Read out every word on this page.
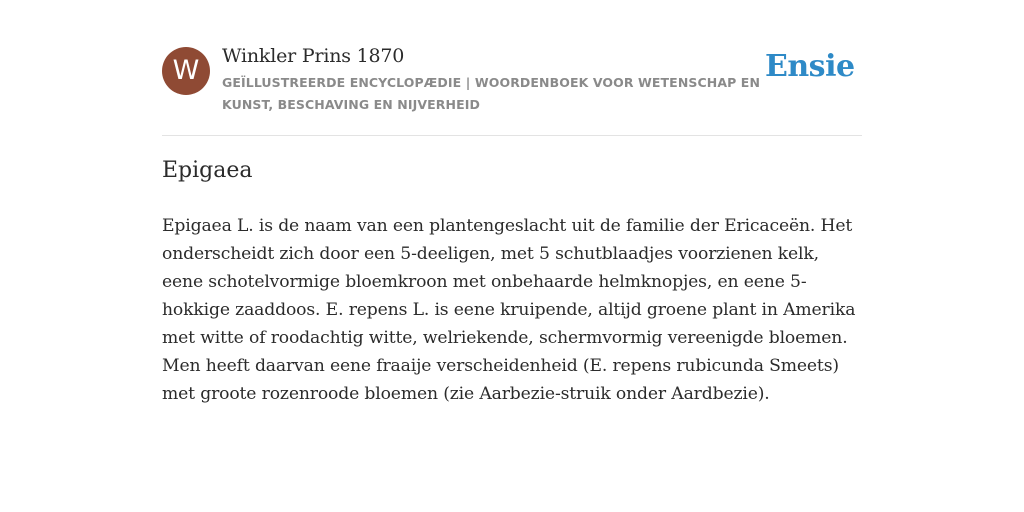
W	Winkler Prins 1870
GEÏLLUSTREERDE ENCYCLOPÆDIE | WOORDENBOEK VOOR WETENSCHAP EN KUNST, BESCHAVING EN NIJVERHEID
Ensie
Epigaea

Epigaea L. is de naam van een plantengeslacht uit de familie der Ericaceën. Het onderscheidt zich door een 5-deeligen, met 5 schutblaadjes voorzienen kelk, eene schotelvormige bloemkroon met onbehaarde helmknopjes, en eene 5-hokkige zaaddoos. E. repens L. is eene kruipende, altijd groene plant in Amerika met witte of roodachtig witte, welriekende, schermvormig vereenigde bloemen. Men heeft daarvan eene fraaije verscheidenheid (E. repens rubicunda Smeets) met groote rozenroode bloemen (zie Aarbezie-struik onder Aardbezie).
